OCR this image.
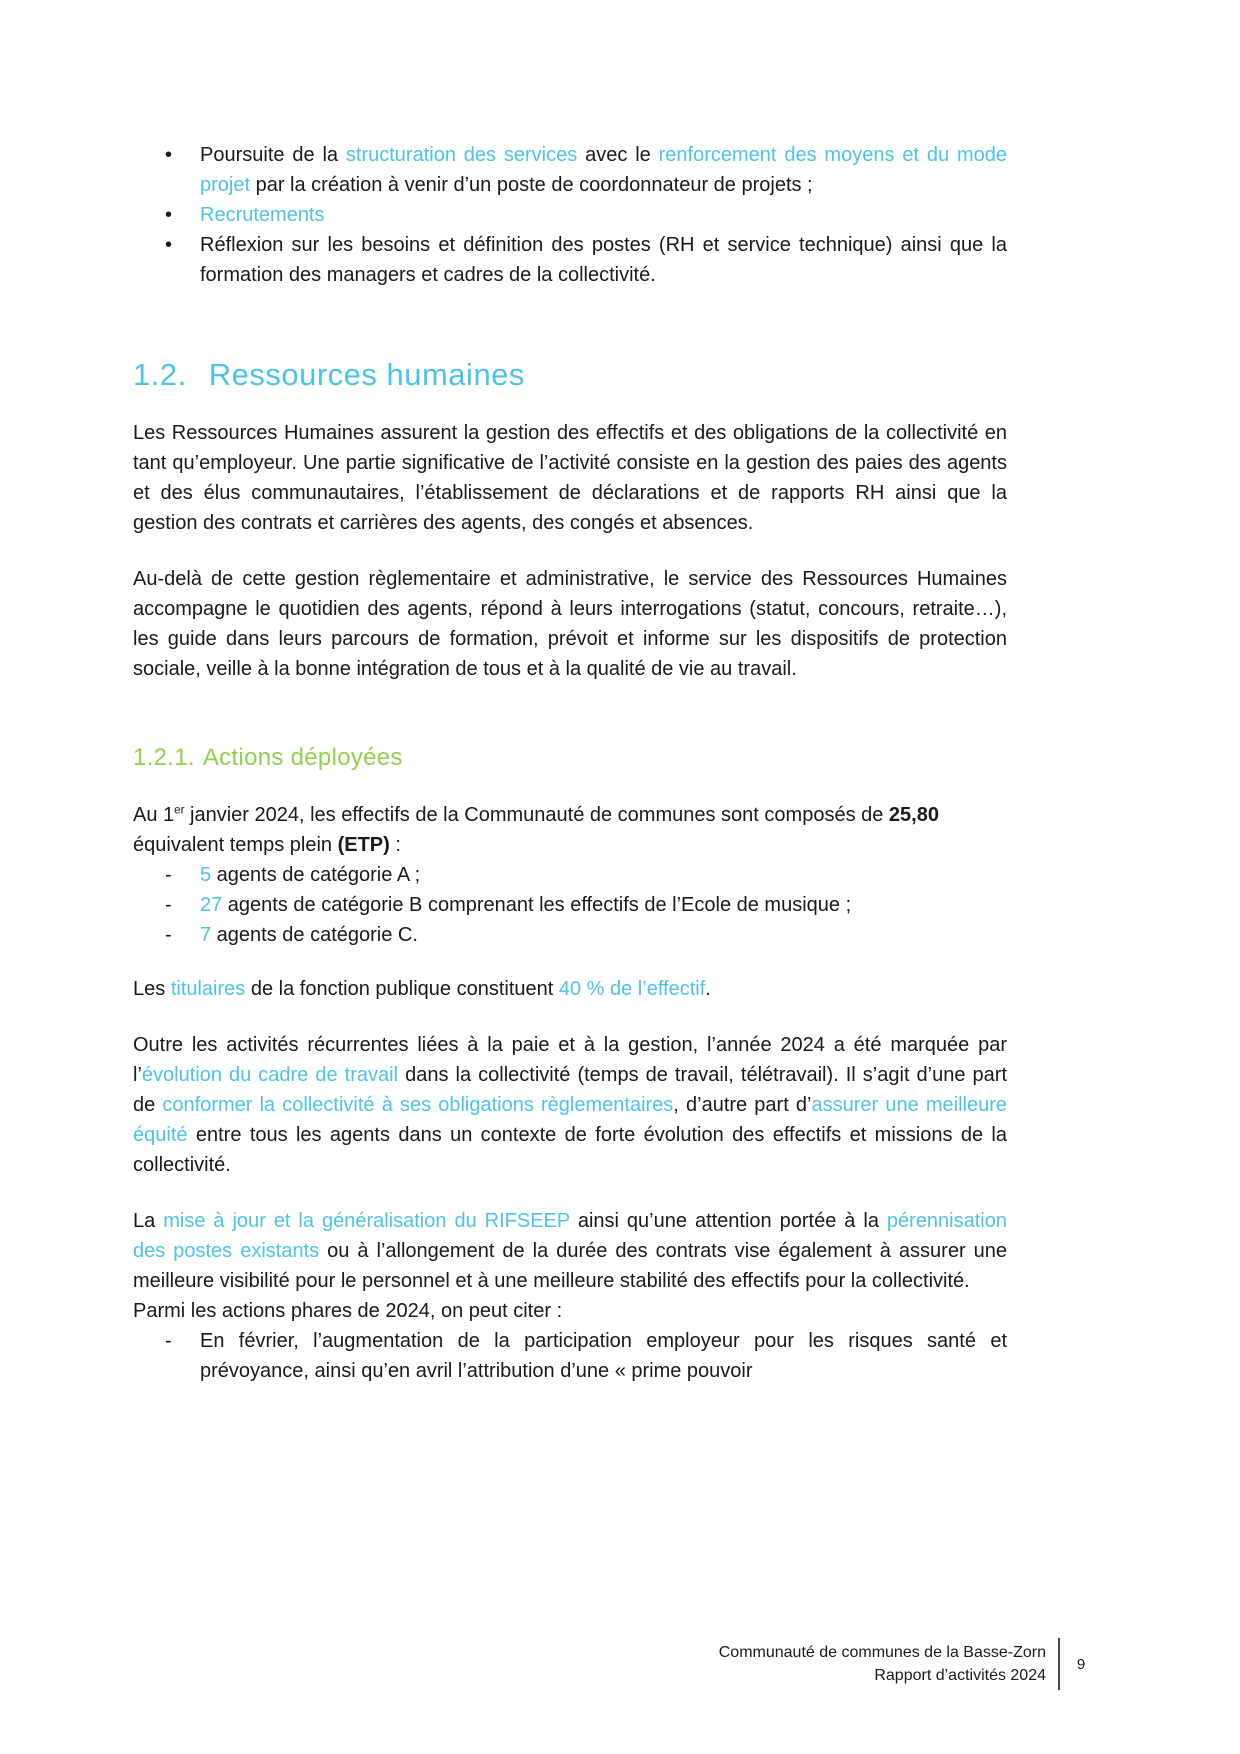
•	Poursuite de la structuration des services avec le renforcement des moyens et du mode projet par la création à venir d’un poste de coordonnateur de projets ;
•	Recrutements
•	Réflexion sur les besoins et définition des postes (RH et service technique) ainsi que la formation des managers et cadres de la collectivité.
1.2. Ressources humaines

Les Ressources Humaines assurent la gestion des effectifs et des obligations de la collectivité en tant qu’employeur. Une partie significative de l’activité consiste en la gestion des paies des agents et des élus communautaires, l’établissement de déclarations et de rapports RH ainsi que la gestion des contrats et carrières des agents, des congés et absences.

Au-delà de cette gestion règlementaire et administrative, le service des Ressources Humaines accompagne le quotidien des agents, répond à leurs interrogations (statut, concours, retraite…), les guide dans leurs parcours de formation, prévoit et informe sur les dispositifs de protection sociale, veille à la bonne intégration de tous et à la qualité de vie au travail.

1.2.1. Actions déployées

Au 1er janvier 2024, les effectifs de la Communauté de communes sont composés de 25,80 équivalent temps plein (ETP) :

-	5 agents de catégorie A ;
-	27 agents de catégorie B comprenant les effectifs de l’Ecole de musique ;
-	7 agents de catégorie C.

Les titulaires de la fonction publique constituent 40 % de l’effectif.

Outre les activités récurrentes liées à la paie et à la gestion, l’année 2024 a été marquée par l’évolution du cadre de travail dans la collectivité (temps de travail, télétravail). Il s’agit d’une part de conformer la collectivité à ses obligations règlementaires, d’autre part d’assurer une meilleure équité entre tous les agents dans un contexte de forte évolution des effectifs et missions de la collectivité.

La mise à jour et la généralisation du RIFSEEP ainsi qu’une attention portée à la pérennisation des postes existants ou à l’allongement de la durée des contrats vise également à assurer une meilleure visibilité pour le personnel et à une meilleure stabilité des effectifs pour la collectivité.

Parmi les actions phares de 2024, on peut citer :

-	En février, l’augmentation de la participation employeur pour les risques santé et prévoyance, ainsi qu’en avril l’attribution d’une « prime pouvoir
Communauté de communes de la Basse-Zorn
Rapport d’activités 2024
9
